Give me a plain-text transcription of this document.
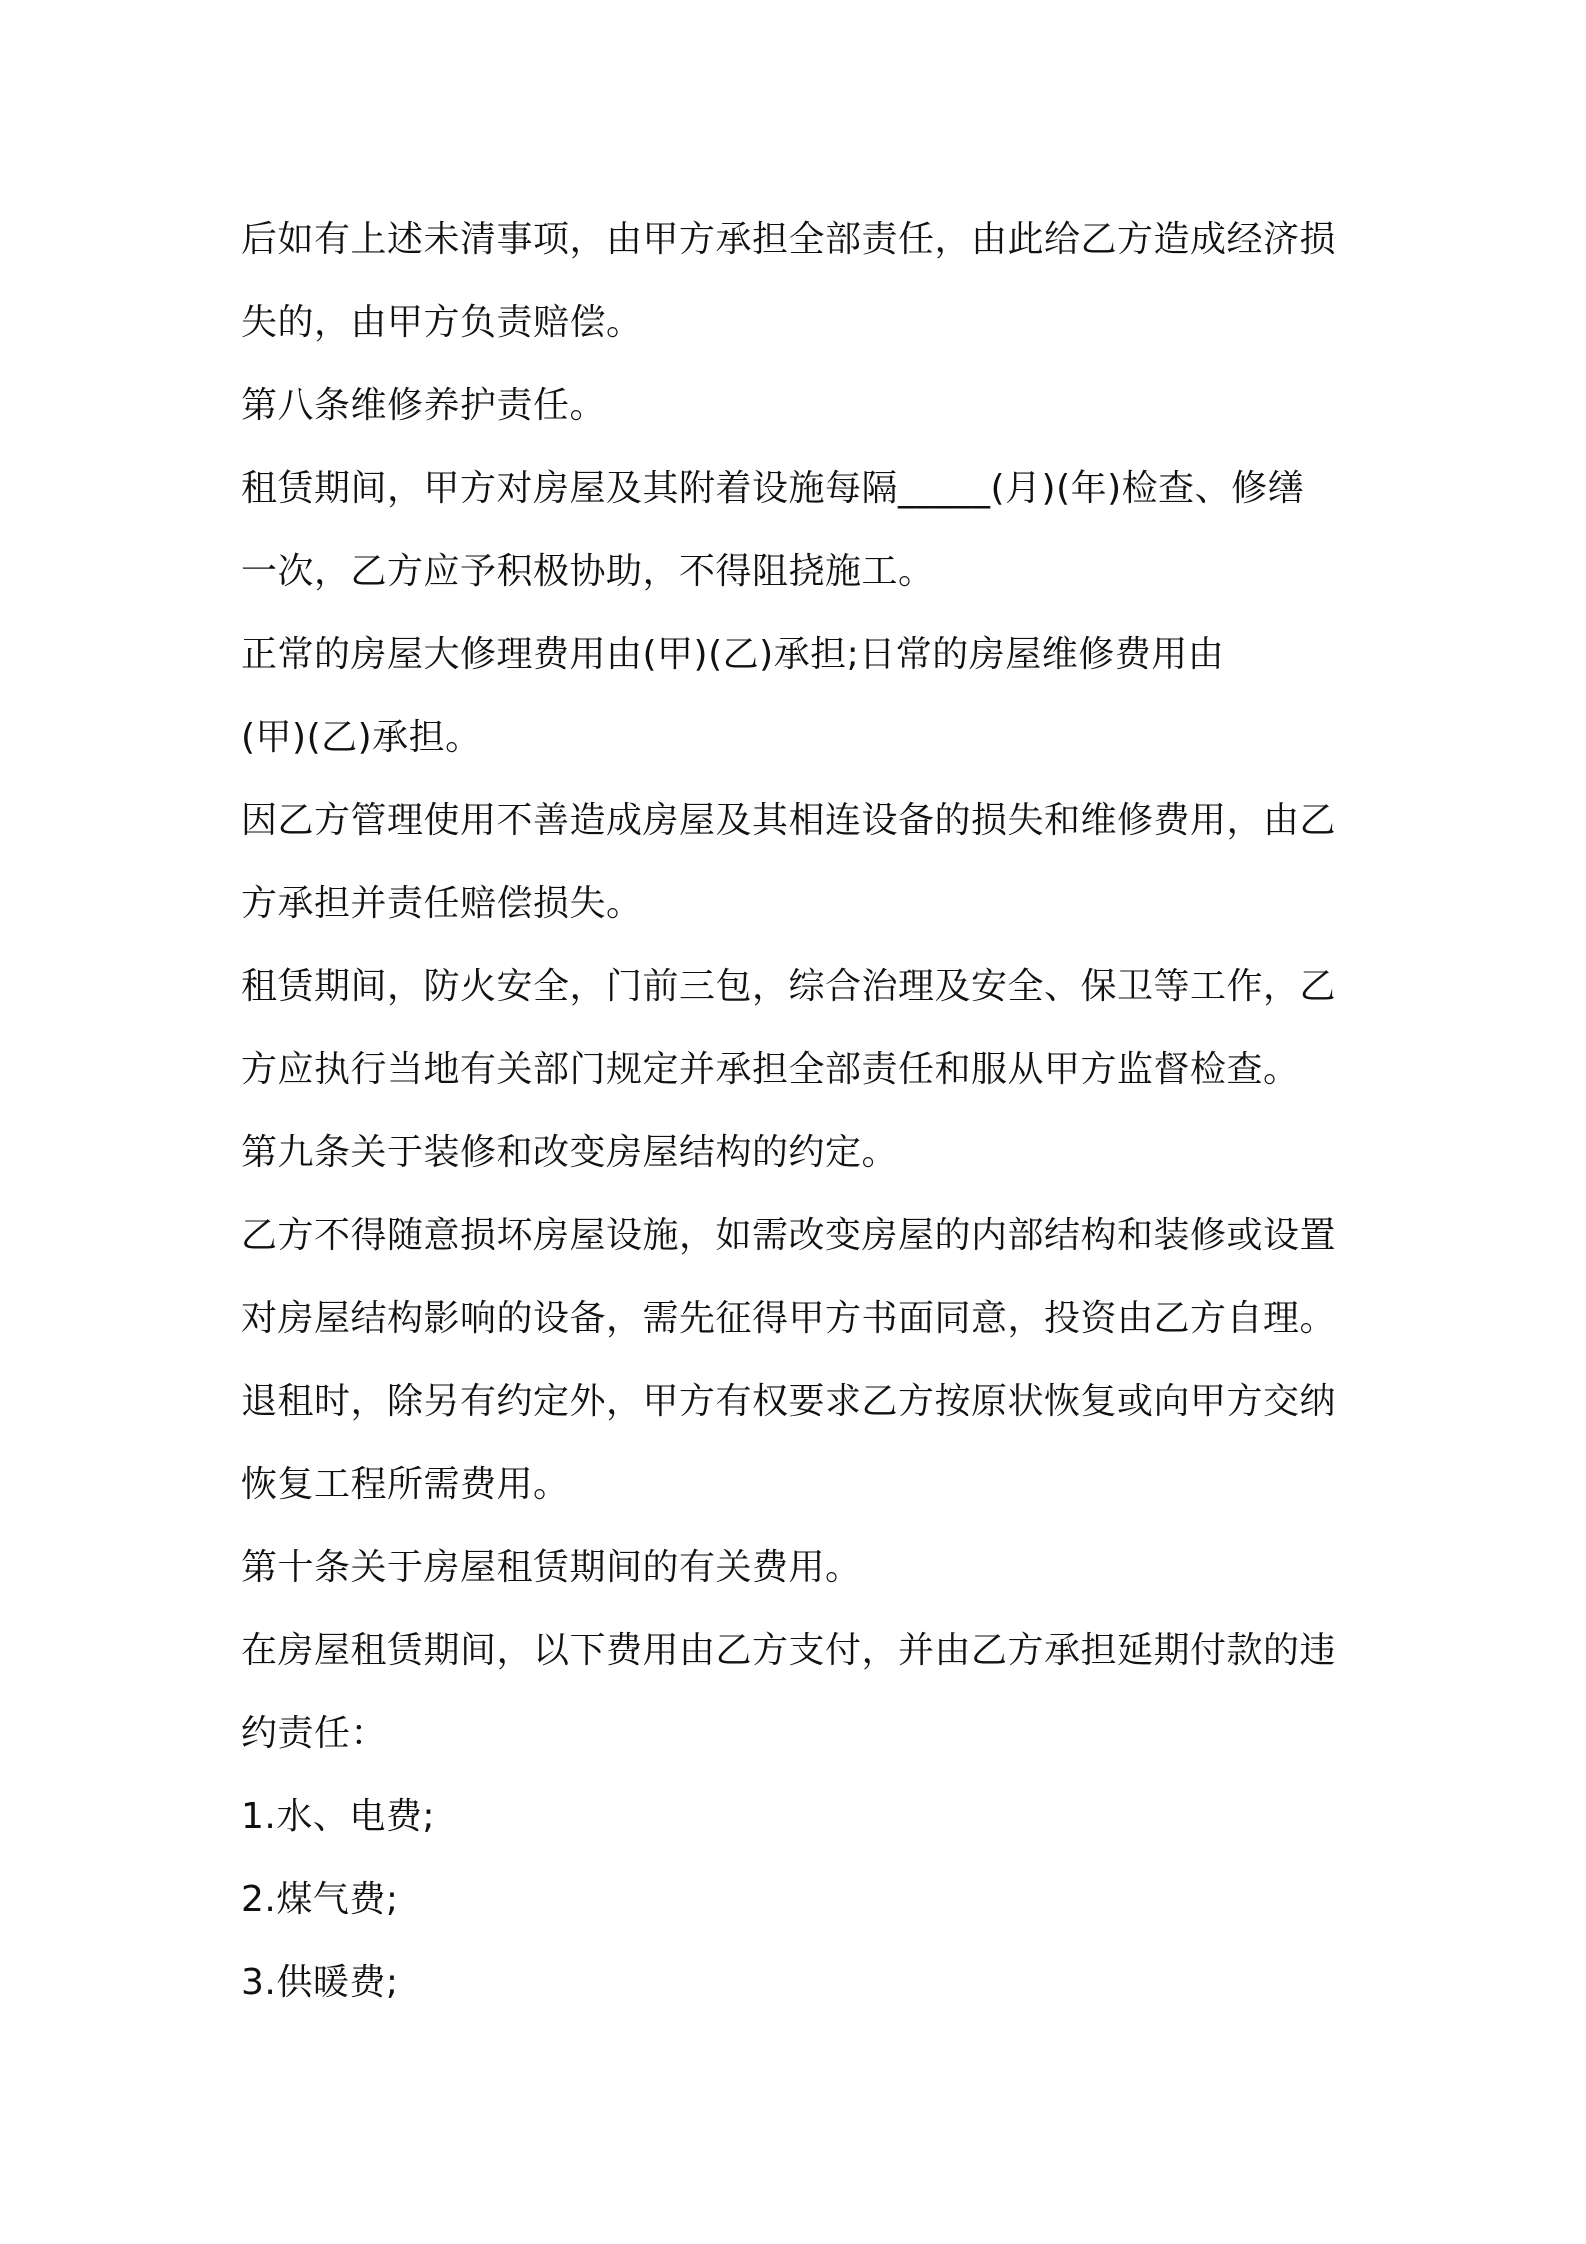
后如有上述未清事项，由甲方承担全部责任，由此给乙方造成经济损
失的，由甲方负责赔偿。
第八条维修养护责任。
租赁期间，甲方对房屋及其附着设施每隔_____(月)(年)检查、修缮
一次，乙方应予积极协助，不得阻挠施工。
正常的房屋大修理费用由(甲)(乙)承担;日常的房屋维修费用由
(甲)(乙)承担。
因乙方管理使用不善造成房屋及其相连设备的损失和维修费用，由乙
方承担并责任赔偿损失。
租赁期间，防火安全，门前三包，综合治理及安全、保卫等工作，乙
方应执行当地有关部门规定并承担全部责任和服从甲方监督检查。
第九条关于装修和改变房屋结构的约定。
乙方不得随意损坏房屋设施，如需改变房屋的内部结构和装修或设置
对房屋结构影响的设备，需先征得甲方书面同意，投资由乙方自理。
退租时，除另有约定外，甲方有权要求乙方按原状恢复或向甲方交纳
恢复工程所需费用。
第十条关于房屋租赁期间的有关费用。
在房屋租赁期间，以下费用由乙方支付，并由乙方承担延期付款的违
约责任：
1.水、电费;
2.煤气费;
3.供暖费;
